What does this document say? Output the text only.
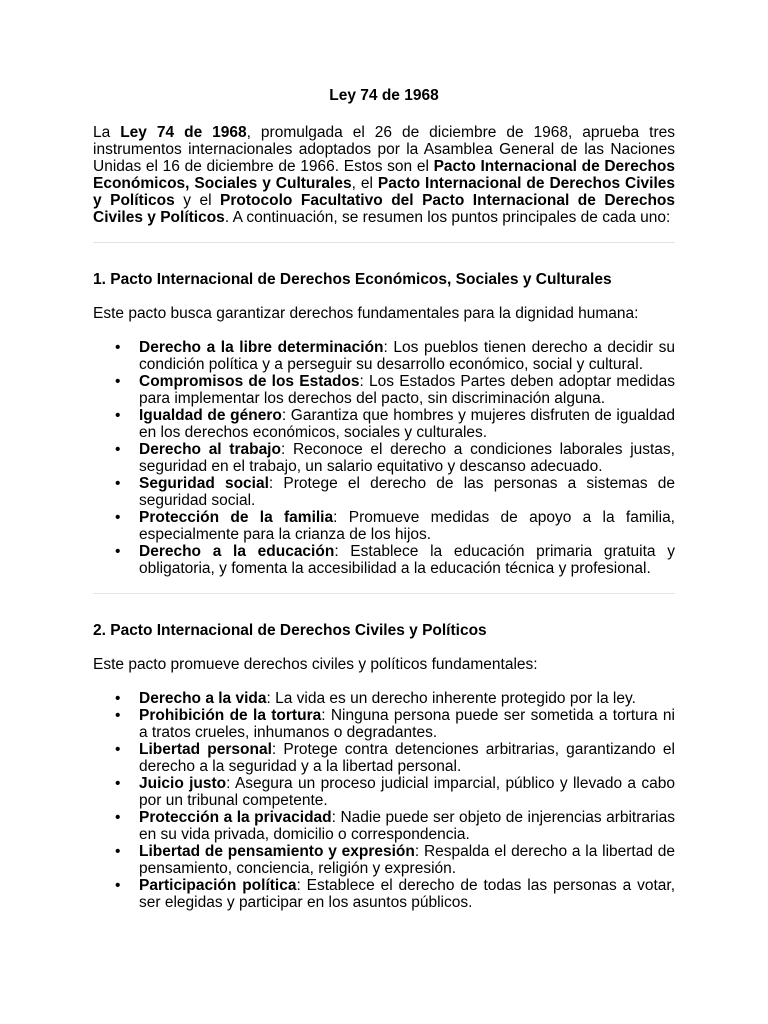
Ley 74 de 1968

La Ley 74 de 1968, promulgada el 26 de diciembre de 1968, aprueba tres instrumentos internacionales adoptados por la Asamblea General de las Naciones Unidas el 16 de diciembre de 1966. Estos son el Pacto Internacional de Derechos Económicos, Sociales y Culturales, el Pacto Internacional de Derechos Civiles y Políticos y el Protocolo Facultativo del Pacto Internacional de Derechos Civiles y Políticos. A continuación, se resumen los puntos principales de cada uno:

1. Pacto Internacional de Derechos Económicos, Sociales y Culturales

Este pacto busca garantizar derechos fundamentales para la dignidad humana:

• Derecho a la libre determinación: Los pueblos tienen derecho a decidir su condición política y a perseguir su desarrollo económico, social y cultural.
• Compromisos de los Estados: Los Estados Partes deben adoptar medidas para implementar los derechos del pacto, sin discriminación alguna.
• Igualdad de género: Garantiza que hombres y mujeres disfruten de igualdad en los derechos económicos, sociales y culturales.
• Derecho al trabajo: Reconoce el derecho a condiciones laborales justas, seguridad en el trabajo, un salario equitativo y descanso adecuado.
• Seguridad social: Protege el derecho de las personas a sistemas de seguridad social.
• Protección de la familia: Promueve medidas de apoyo a la familia, especialmente para la crianza de los hijos.
• Derecho a la educación: Establece la educación primaria gratuita y obligatoria, y fomenta la accesibilidad a la educación técnica y profesional.
2. Pacto Internacional de Derechos Civiles y Políticos

Este pacto promueve derechos civiles y políticos fundamentales:

• Derecho a la vida: La vida es un derecho inherente protegido por la ley.
• Prohibición de la tortura: Ninguna persona puede ser sometida a tortura ni a tratos crueles, inhumanos o degradantes.
• Libertad personal: Protege contra detenciones arbitrarias, garantizando el derecho a la seguridad y a la libertad personal.
• Juicio justo: Asegura un proceso judicial imparcial, público y llevado a cabo por un tribunal competente.
• Protección a la privacidad: Nadie puede ser objeto de injerencias arbitrarias en su vida privada, domicilio o correspondencia.
• Libertad de pensamiento y expresión: Respalda el derecho a la libertad de pensamiento, conciencia, religión y expresión.
• Participación política: Establece el derecho de todas las personas a votar, ser elegidas y participar en los asuntos públicos.
